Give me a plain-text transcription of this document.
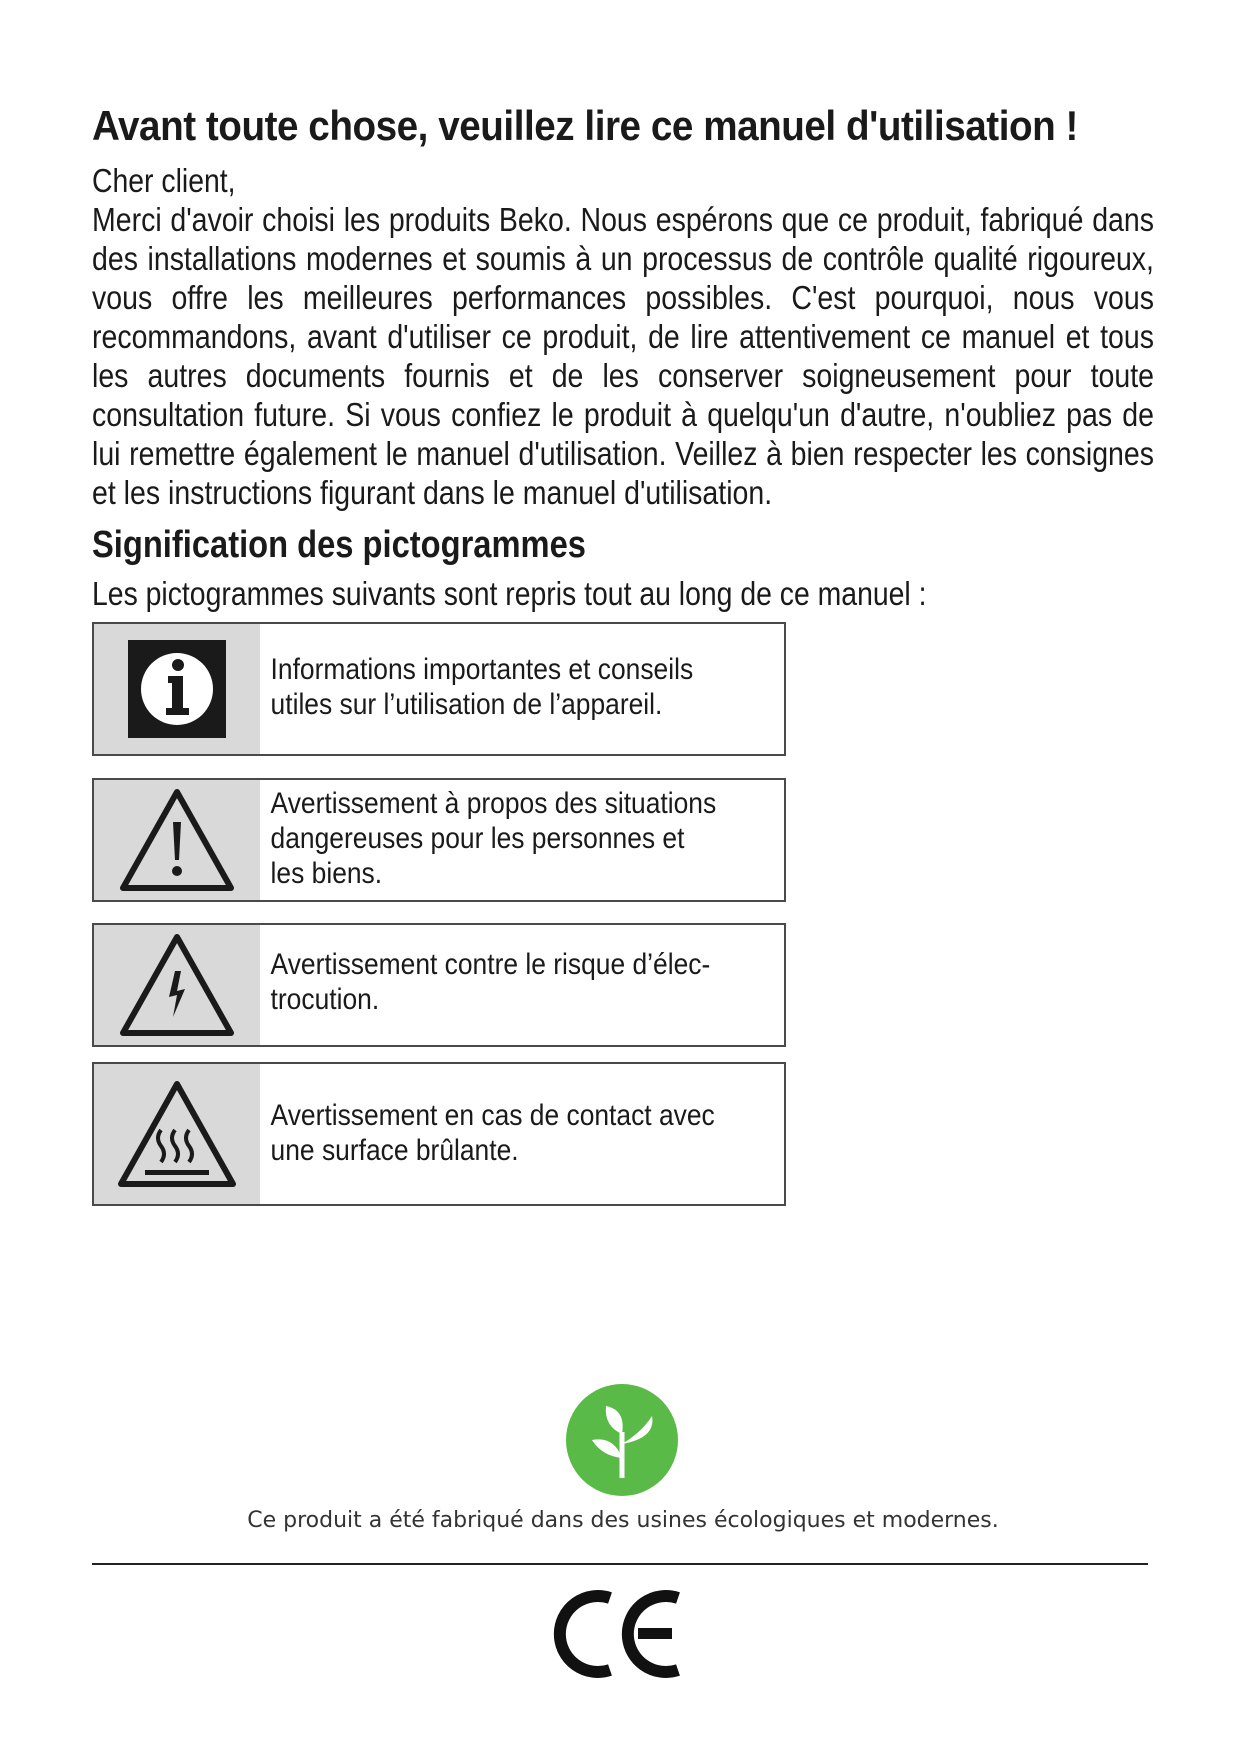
Avant toute chose, veuillez lire ce manuel d'utilisation !

Cher client,

Merci d'avoir choisi les produits Beko. Nous espérons que ce produit, fabriqué dans des installations modernes et soumis à un processus de contrôle qualité rigoureux, vous offre les meilleures performances possibles. C'est pourquoi, nous vous recommandons, avant d'utiliser ce produit, de lire attentivement ce manuel et tous les autres documents fournis et de les conserver soigneusement pour toute consultation future. Si vous confiez le produit à quelqu'un d'autre, n'oubliez pas de lui remettre également le manuel d'utilisation. Veillez à bien respecter les consignes et les instructions figurant dans le manuel d'utilisation.

Signification des pictogrammes

Les pictogrammes suivants sont repris tout au long de ce manuel :

Informations importantes et conseils utiles sur l’utilisation de l’appareil.
Avertissement à propos des situations dangereuses pour les personnes et les biens.
Avertissement contre le risque d’élec-trocution.
Avertissement en cas de contact avec une surface brûlante.

Ce produit a été fabriqué dans des usines écologiques et modernes.
